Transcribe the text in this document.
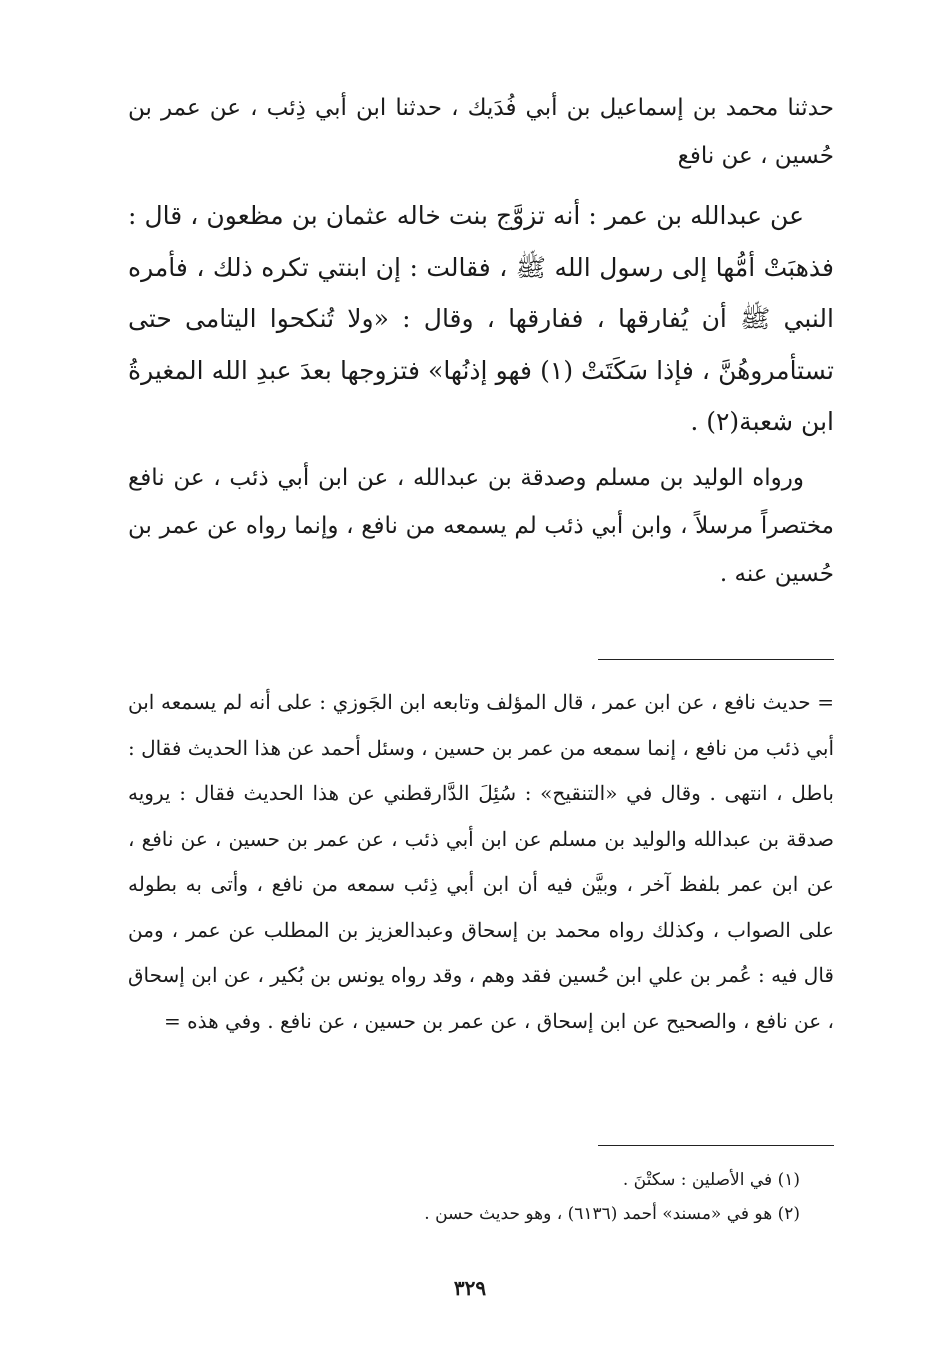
حدثنا محمد بن إسماعيل بن أبي فُدَيك ، حدثنا ابن أبي ذِئب ، عن عمر بن حُسين ، عن نافع

عن عبدالله بن عمر : أنه تزوَّج بنت خاله عثمان بن مظعون ، قال : فذهبَتْ أمُّها إلى رسول الله ﷺ ، فقالت : إن ابنتي تكره ذلك ، فأمره النبي ﷺ أن يُفارقها ، ففارقها ، وقال : «ولا تُنكحوا اليتامى حتى تستأمروهُنَّ ، فإذا سَكَتَتْ (١) فهو إذنُها» فتزوجها بعدَ عبدِ الله المغيرةُ ابن شعبة(٢) .

ورواه الوليد بن مسلم وصدقة بن عبدالله ، عن ابن أبي ذئب ، عن نافع مختصراً مرسلاً ، وابن أبي ذئب لم يسمعه من نافع ، وإنما رواه عن عمر بن حُسين عنه .

= حديث نافع ، عن ابن عمر ، قال المؤلف وتابعه ابن الجَوزي : على أنه لم يسمعه ابن أبي ذئب من نافع ، إنما سمعه من عمر بن حسين ، وسئل أحمد عن هذا الحديث فقال : باطل ، انتهى . وقال في «التنقيح» : سُئِلَ الدَّارقطني عن هذا الحديث فقال : يرويه صدقة بن عبدالله والوليد بن مسلم عن ابن أبي ذئب ، عن عمر بن حسين ، عن نافع ، عن ابن عمر بلفظ آخر ، وبيَّن فيه أن ابن أبي ذِئب سمعه من نافع ، وأتى به بطوله على الصواب ، وكذلك رواه محمد بن إسحاق وعبدالعزيز بن المطلب عن عمر ، ومن قال فيه : عُمر بن علي ابن حُسين فقد وهم ، وقد رواه يونس بن بُكير ، عن ابن إسحاق ، عن نافع ، والصحيح عن ابن إسحاق ، عن عمر بن حسين ، عن نافع . وفي هذه =

(١) في الأصلين : سكتْنَ .

(٢) هو في «مسند» أحمد (٦١٣٦) ، وهو حديث حسن .

٣٢٩
